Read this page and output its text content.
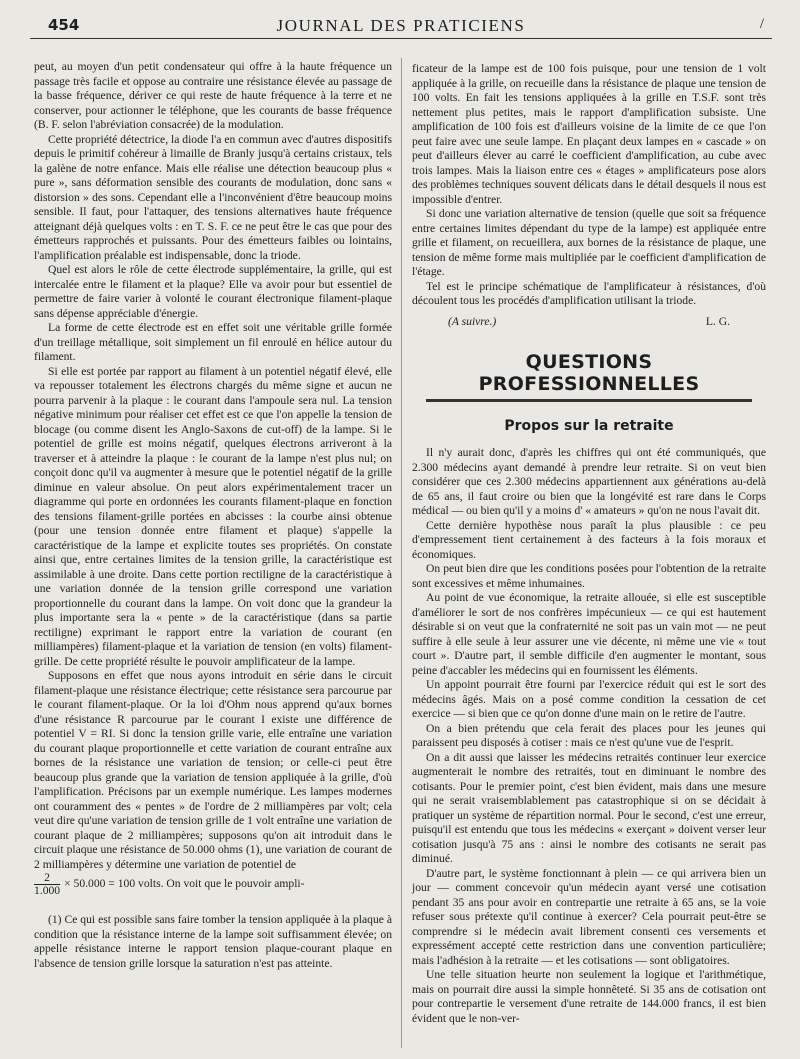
454	JOURNAL DES PRATICIENS	/

peut, au moyen d'un petit condensateur qui offre à la haute fréquence un passage très facile et oppose au contraire une résistance élevée au passage de la basse fréquence, dériver ce qui reste de haute fréquence à la terre et ne conserver, pour actionner le téléphone, que les courants de basse fréquence (B. F. selon l'abréviation consacrée) de la modulation.

Cette propriété détectrice, la diode l'a en commun avec d'autres dispositifs depuis le primitif cohéreur à limaille de Branly jusqu'à certains cristaux, tels la galène de notre enfance. Mais elle réalise une détection beaucoup plus « pure », sans déformation sensible des courants de modulation, donc sans « distorsion » des sons. Cependant elle a l'inconvénient d'être beaucoup moins sensible. Il faut, pour l'attaquer, des tensions alternatives haute fréquence atteignant déjà quelques volts : en T. S. F. ce ne peut être le cas que pour des émetteurs rapprochés et puissants. Pour des émetteurs faibles ou lointains, l'amplification préalable est indispensable, donc la triode.

Quel est alors le rôle de cette électrode supplémentaire, la grille, qui est intercalée entre le filament et la plaque? Elle va avoir pour but essentiel de permettre de faire varier à volonté le courant électronique filament-plaque sans dépense appréciable d'énergie.

La forme de cette électrode est en effet soit une véritable grille formée d'un treillage métallique, soit simplement un fil enroulé en hélice autour du filament.

Si elle est portée par rapport au filament à un potentiel négatif élevé, elle va repousser totalement les électrons chargés du même signe et aucun ne pourra parvenir à la plaque : le courant dans l'ampoule sera nul. La tension négative minimum pour réaliser cet effet est ce que l'on appelle la tension de blocage (ou comme disent les Anglo-Saxons de cut-off) de la lampe. Si le potentiel de grille est moins négatif, quelques électrons arriveront à la traverser et à atteindre la plaque : le courant de la lampe n'est plus nul; on conçoit donc qu'il va augmenter à mesure que le potentiel négatif de la grille diminue en valeur absolue. On peut alors expérimentalement tracer un diagramme qui porte en ordonnées les courants filament-plaque en fonction des tensions filament-grille portées en abcisses : la courbe ainsi obtenue (pour une tension donnée entre filament et plaque) s'appelle la caractéristique de la lampe et explicite toutes ses propriétés. On constate ainsi que, entre certaines limites de la tension grille, la caractéristique est assimilable à une droite. Dans cette portion rectiligne de la caractéristique à une variation donnée de la tension grille correspond une variation proportionnelle du courant dans la lampe. On voit donc que la grandeur la plus importante sera la « pente » de la caractéristique (dans sa partie rectiligne) exprimant le rapport entre la variation de courant (en milliampères) filament-plaque et la variation de tension (en volts) filament-grille. De cette propriété résulte le pouvoir amplificateur de la lampe.

Supposons en effet que nous ayons introduit en série dans le circuit filament-plaque une résistance électrique; cette résistance sera parcourue par le courant filament-plaque. Or la loi d'Ohm nous apprend qu'aux bornes d'une résistance R parcourue par le courant I existe une différence de potentiel V = RI. Si donc la tension grille varie, elle entraîne une variation du courant plaque proportionnelle et cette variation de courant entraîne aux bornes de la résistance une variation de tension; or celle-ci peut être beaucoup plus grande que la variation de tension appliquée à la grille, d'où l'amplification. Précisons par un exemple numérique. Les lampes modernes ont couramment des « pentes » de l'ordre de 2 milliampères par volt; cela veut dire qu'une variation de tension grille de 1 volt entraîne une variation de courant plaque de 2 milliampères; supposons qu'on ait introduit dans le circuit plaque une résistance de 50.000 ohms (1), une variation de courant de 2 milliampères y détermine une variation de potentiel de

$\frac{2}{1.000} \times 50.000 = 100$ volts. On voit que le pouvoir ampli-

(1) Ce qui est possible sans faire tomber la tension appliquée à la plaque à condition que la résistance interne de la lampe soit suffisamment élevée; on appelle résistance interne le rapport tension plaque-courant plaque en l'absence de tension grille lorsque la saturation n'est pas atteinte.

ficateur de la lampe est de 100 fois puisque, pour une tension de 1 volt appliquée à la grille, on recueille dans la résistance de plaque une tension de 100 volts. En fait les tensions appliquées à la grille en T.S.F. sont très nettement plus petites, mais le rapport d'amplification subsiste. Une amplification de 100 fois est d'ailleurs voisine de la limite de ce que l'on peut faire avec une seule lampe. En plaçant deux lampes en « cascade » on peut d'ailleurs élever au carré le coefficient d'amplification, au cube avec trois lampes. Mais la liaison entre ces « étages » amplificateurs pose alors des problèmes techniques souvent délicats dans le détail desquels il nous est impossible d'entrer.

Si donc une variation alternative de tension (quelle que soit sa fréquence entre certaines limites dépendant du type de la lampe) est appliquée entre grille et filament, on recueillera, aux bornes de la résistance de plaque, une tension de même forme mais multipliée par le coefficient d'amplification de l'étage.

Tel est le principe schématique de l'amplificateur à résistances, d'où découlent tous les procédés d'amplification utilisant la triode.

(A suivre.)	L. G.
QUESTIONS PROFESSIONNELLES
Propos sur la retraite

Il n'y aurait donc, d'après les chiffres qui ont été communiqués, que 2.300 médecins ayant demandé à prendre leur retraite. Si on veut bien considérer que ces 2.300 médecins appartiennent aux générations au-delà de 65 ans, il faut croire ou bien que la longévité est rare dans le Corps médical — ou bien qu'il y a moins d' « amateurs » qu'on ne nous l'avait dit.

Cette dernière hypothèse nous paraît la plus plausible : ce peu d'empressement tient certainement à des facteurs à la fois moraux et économiques.

On peut bien dire que les conditions posées pour l'obtention de la retraite sont excessives et même inhumaines.

Au point de vue économique, la retraite allouée, si elle est susceptible d'améliorer le sort de nos confrères impécunieux — ce qui est hautement désirable si on veut que la confraternité ne soit pas un vain mot — ne peut suffire à elle seule à leur assurer une vie décente, ni même une vie « tout court ». D'autre part, il semble difficile d'en augmenter le montant, sous peine d'accabler les médecins qui en fournissent les éléments.

Un appoint pourrait être fourni par l'exercice réduit qui est le sort des médecins âgés. Mais on a posé comme condition la cessation de cet exercice — si bien que ce qu'on donne d'une main on le retire de l'autre.

On a bien prétendu que cela ferait des places pour les jeunes qui paraissent peu disposés à cotiser : mais ce n'est qu'une vue de l'esprit.

On a dit aussi que laisser les médecins retraités continuer leur exercice augmenterait le nombre des retraités, tout en diminuant le nombre des cotisants. Pour le premier point, c'est bien évident, mais dans une mesure qui ne serait vraisemblablement pas catastrophique si on se décidait à pratiquer un système de répartition normal. Pour le second, c'est une erreur, puisqu'il est entendu que tous les médecins « exerçant » doivent verser leur cotisation jusqu'à 75 ans : ainsi le nombre des cotisants ne serait pas diminué.

D'autre part, le système fonctionnant à plein — ce qui arrivera bien un jour — comment concevoir qu'un médecin ayant versé une cotisation pendant 35 ans pour avoir en contrepartie une retraite à 65 ans, se la voie refuser sous prétexte qu'il continue à exercer? Cela pourrait peut-être se comprendre si le médecin avait librement consenti ces versements et expressément accepté cette restriction dans une convention particulière; mais l'adhésion à la retraite — et les cotisations — sont obligatoires.

Une telle situation heurte non seulement la logique et l'arithmétique, mais on pourrait dire aussi la simple honnêteté. Si 35 ans de cotisation ont pour contrepartie le versement d'une retraite de 144.000 francs, il est bien évident que le non-ver-
